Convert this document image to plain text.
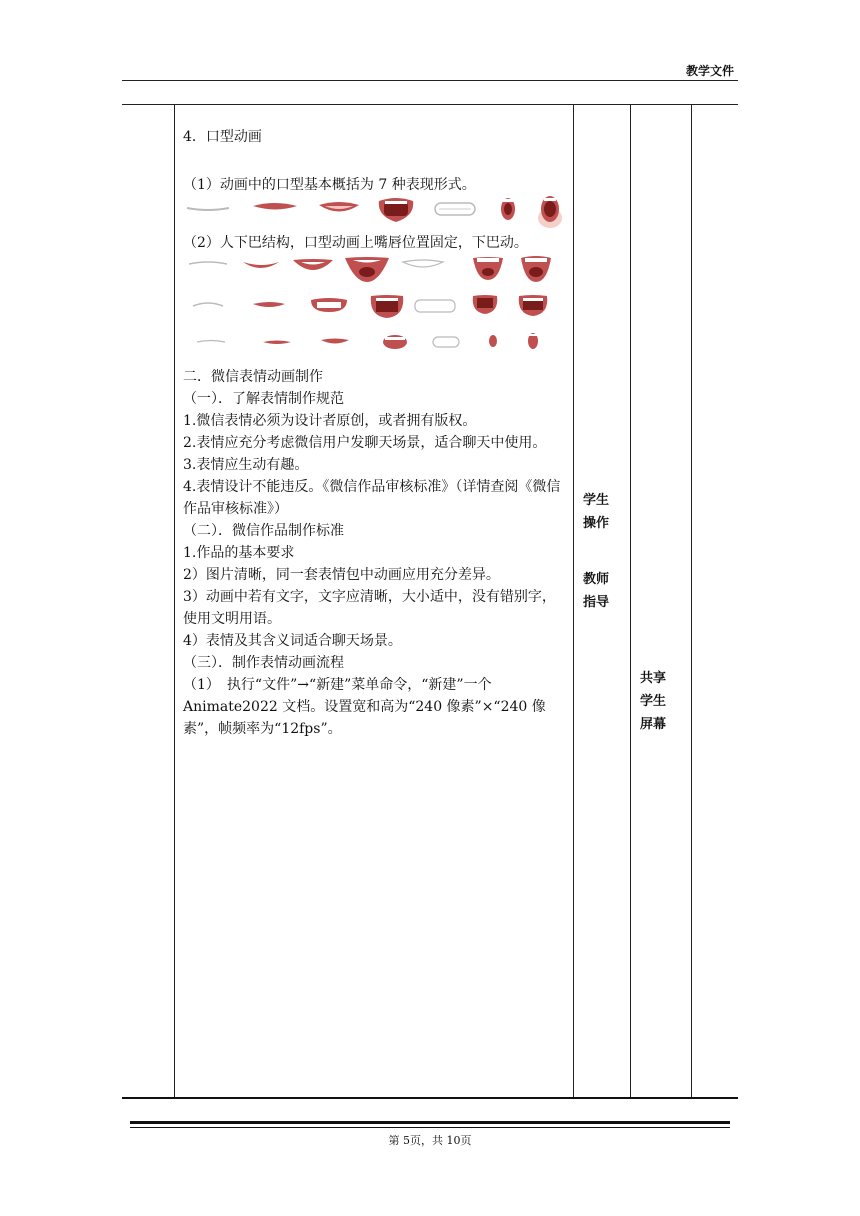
教学文件

4．口型动画

（1）动画中的口型基本概括为 7 种表现形式。

（2）人下巴结构，口型动画上嘴唇位置固定，下巴动。

二．微信表情动画制作

（一）．了解表情制作规范

1.微信表情必须为设计者原创，或者拥有版权。

2.表情应充分考虑微信用户发聊天场景，适合聊天中使用。

3.表情应生动有趣。

4.表情设计不能违反。《微信作品审核标准》（详情查阅《微信作品审核标准》）

（二）．微信作品制作标准

1.作品的基本要求

2）图片清晰，同一套表情包中动画应用充分差异。

3）动画中若有文字，文字应清晰，大小适中，没有错别字，使用文明用语。

4）表情及其含义词适合聊天场景。

（三）．制作表情动画流程

（1）　执行“文件”→“新建”菜单命令，“新建”一个 Animate2022 文档。设置宽和高为“240 像素”×“240 像素”，帧频率为“12fps”。

学生
操作
教师
指导
共享
学生
屏幕
第 5页，共 10页
